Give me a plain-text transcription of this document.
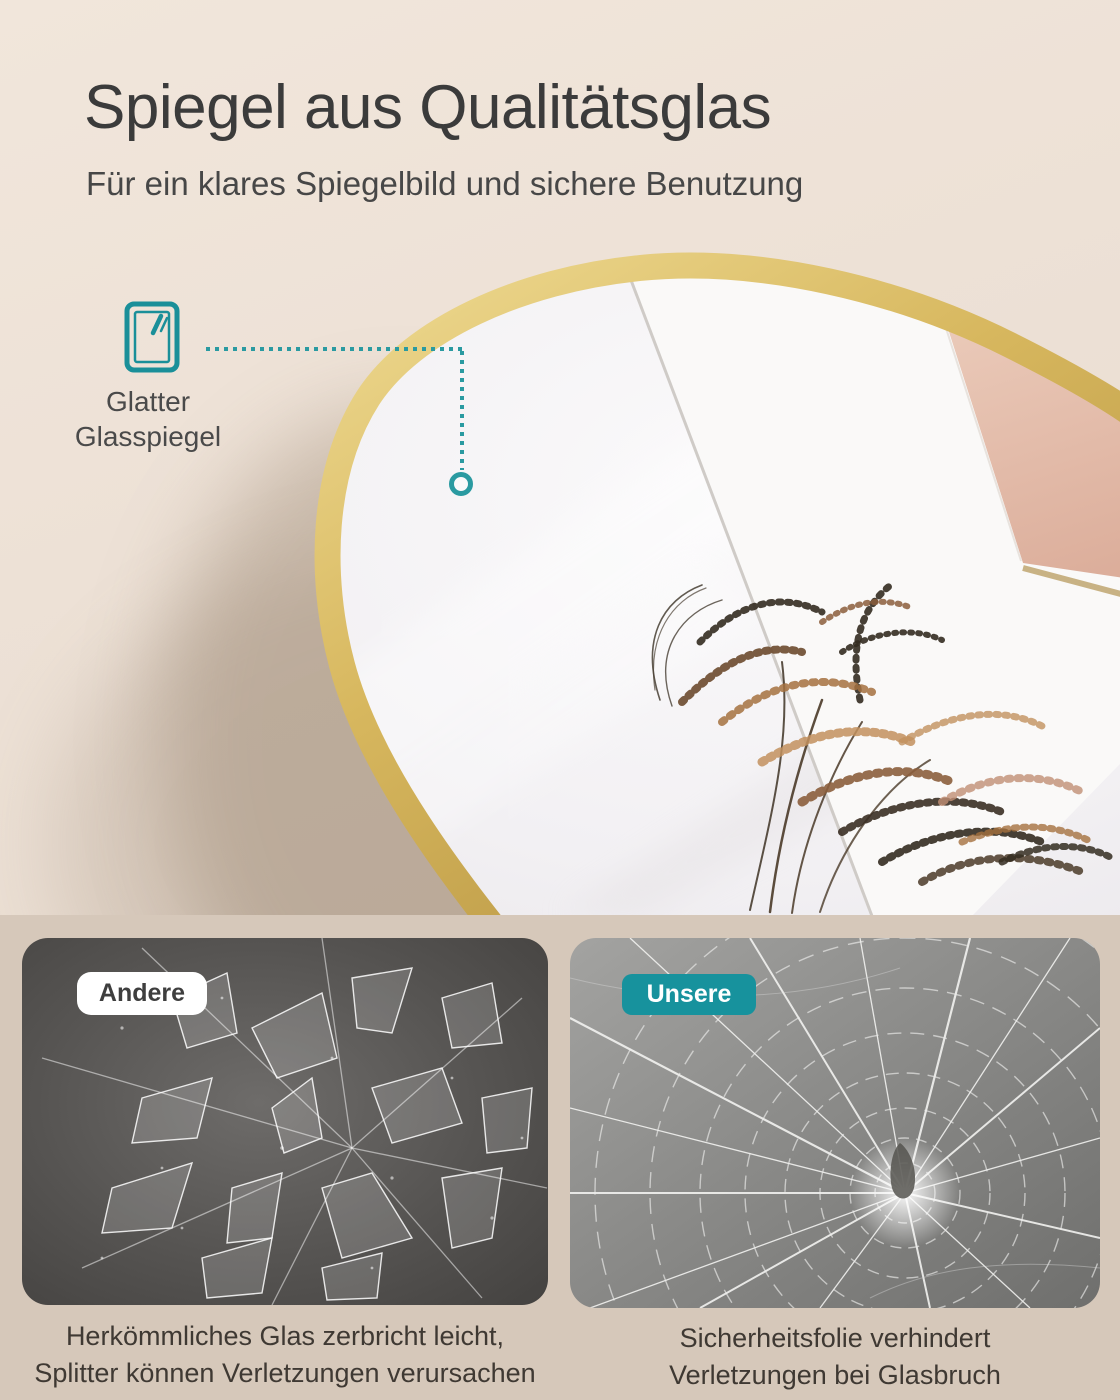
Spiegel aus Qualitätsglas
Für ein klares Spiegelbild und sichere Benutzung
Glatter
Glasspiegel
Andere	Unsere
Herkömmliches Glas zerbricht leicht,
Splitter können Verletzungen verursachen
Sicherheitsfolie verhindert
Verletzungen bei Glasbruch
